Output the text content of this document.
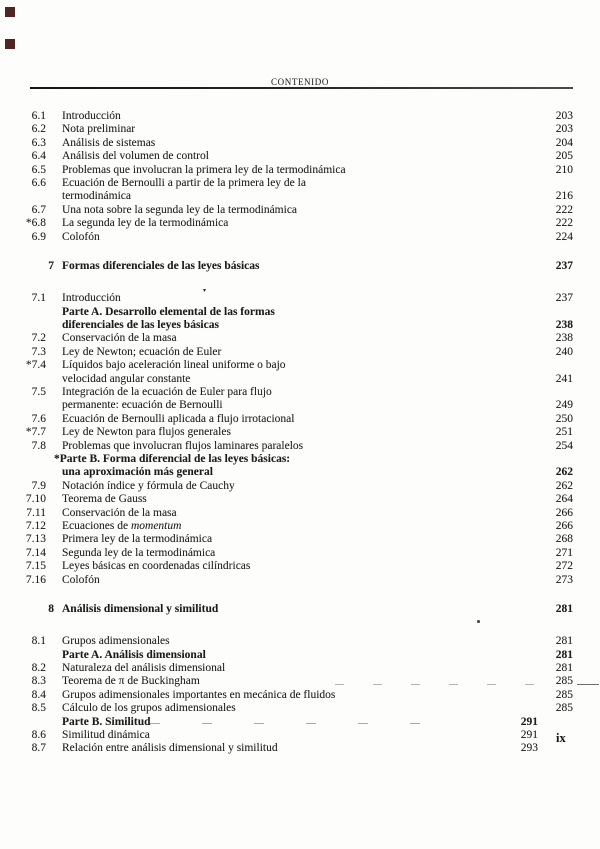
CONTENIDO
6.1 Introducción	203
6.2 Nota preliminar	203
6.3 Análisis de sistemas	204
6.4 Análisis del volumen de control	205
6.5 Problemas que involucran la primera ley de la termodinámica	210
6.6 Ecuación de Bernoulli a partir de la primera ley de la
termodinámica	216
6.7 Una nota sobre la segunda ley de la termodinámica	222
*6.8 La segunda ley de la termodinámica	222
6.9 Colofón	224
7 Formas diferenciales de las leyes básicas	237
7.1 Introducción	237
Parte A. Desarrollo elemental de las formas
diferenciales de las leyes básicas	238
7.2 Conservación de la masa	238
7.3 Ley de Newton; ecuación de Euler	240
*7.4 Líquidos bajo aceleración lineal uniforme o bajo
velocidad angular constante	241
7.5 Integración de la ecuación de Euler para flujo
permanente: ecuación de Bernoulli	249
7.6 Ecuación de Bernoulli aplicada a flujo irrotacional	250
*7.7 Ley de Newton para flujos generales	251
7.8 Problemas que involucran flujos laminares paralelos	254
*Parte B. Forma diferencial de las leyes básicas:
una aproximación más general	262
7.9 Notación índice y fórmula de Cauchy	262
7.10 Teorema de Gauss	264
7.11 Conservación de la masa	266
7.12 Ecuaciones de momentum	266
7.13 Primera ley de la termodinámica	268
7.14 Segunda ley de la termodinámica	271
7.15 Leyes básicas en coordenadas cilíndricas	272
7.16 Colofón	273
8 Análisis dimensional y similitud	281
8.1 Grupos adimensionales	281
Parte A. Análisis dimensional	281
8.2 Naturaleza del análisis dimensional	281
8.3 Teorema de π de Buckingham	285
8.4 Grupos adimensionales importantes en mecánica de fluidos	285
8.5 Cálculo de los grupos adimensionales	285
Parte B. Similitud	291
8.6 Similitud dinámica	291
8.7 Relación entre análisis dimensional y similitud	293
ix
▾
